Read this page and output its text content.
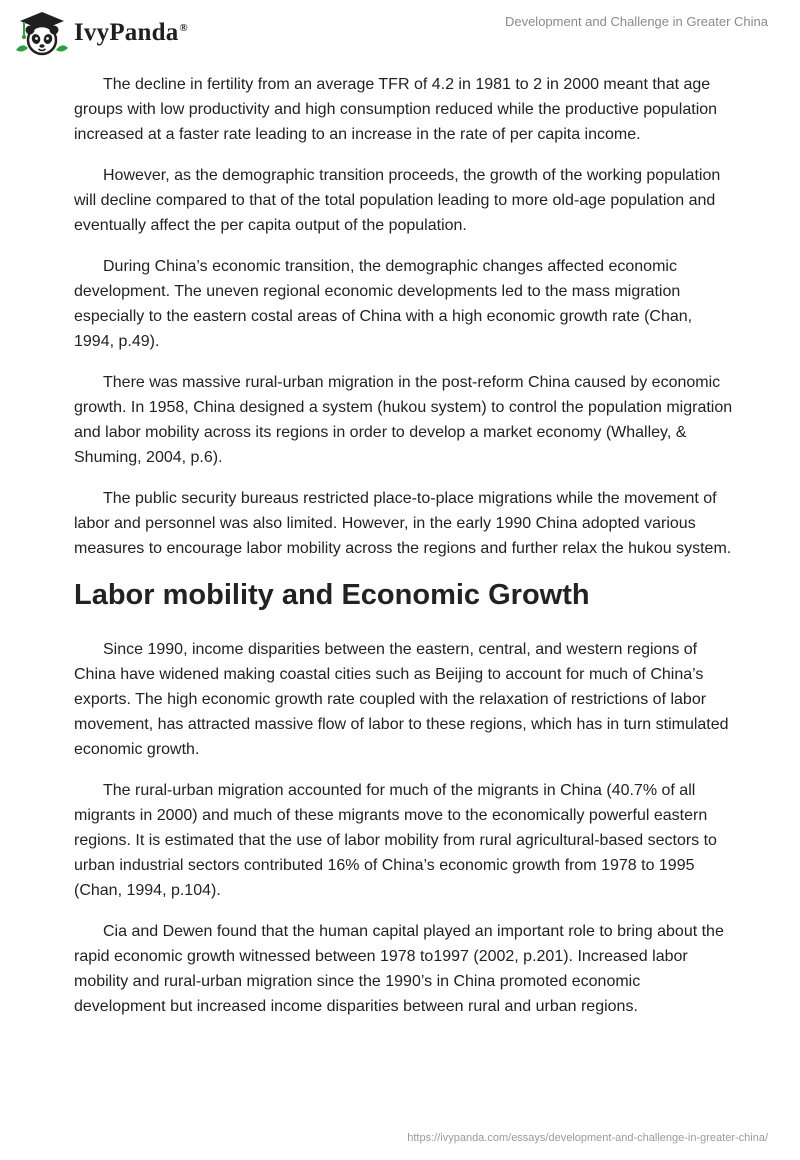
IvyPanda®	Development and Challenge in Greater China

The decline in fertility from an average TFR of 4.2 in 1981 to 2 in 2000 meant that age groups with low productivity and high consumption reduced while the productive population increased at a faster rate leading to an increase in the rate of per capita income.

However, as the demographic transition proceeds, the growth of the working population will decline compared to that of the total population leading to more old-age population and eventually affect the per capita output of the population.

During China’s economic transition, the demographic changes affected economic development. The uneven regional economic developments led to the mass migration especially to the eastern costal areas of China with a high economic growth rate (Chan, 1994, p.49).

There was massive rural-urban migration in the post-reform China caused by economic growth. In 1958, China designed a system (hukou system) to control the population migration and labor mobility across its regions in order to develop a market economy (Whalley, & Shuming, 2004, p.6).

The public security bureaus restricted place-to-place migrations while the movement of labor and personnel was also limited. However, in the early 1990 China adopted various measures to encourage labor mobility across the regions and further relax the hukou system.

Labor mobility and Economic Growth

Since 1990, income disparities between the eastern, central, and western regions of China have widened making coastal cities such as Beijing to account for much of China’s exports. The high economic growth rate coupled with the relaxation of restrictions of labor movement, has attracted massive flow of labor to these regions, which has in turn stimulated economic growth.

The rural-urban migration accounted for much of the migrants in China (40.7% of all migrants in 2000) and much of these migrants move to the economically powerful eastern regions. It is estimated that the use of labor mobility from rural agricultural-based sectors to urban industrial sectors contributed 16% of China’s economic growth from 1978 to 1995 (Chan, 1994, p.104).

Cia and Dewen found that the human capital played an important role to bring about the rapid economic growth witnessed between 1978 to1997 (2002, p.201). Increased labor mobility and rural-urban migration since the 1990’s in China promoted economic development but increased income disparities between rural and urban regions.

https://ivypanda.com/essays/development-and-challenge-in-greater-china/
